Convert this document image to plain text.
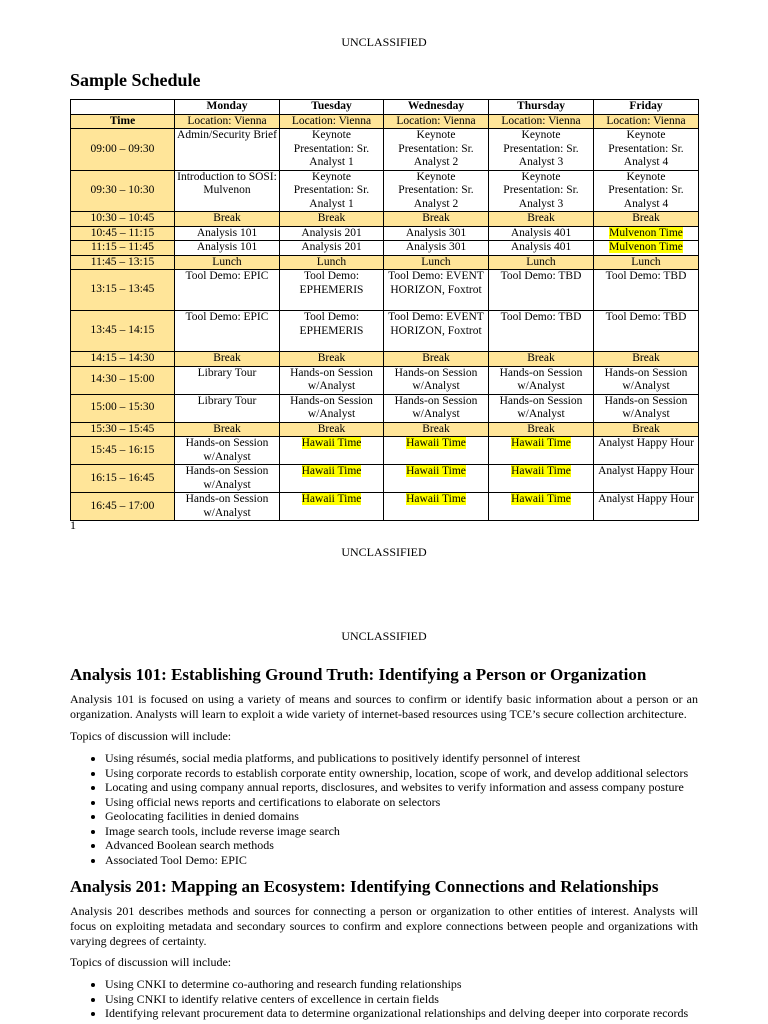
UNCLASSIFIED
Sample Schedule
	Monday	Tuesday	Wednesday	Thursday	Friday
Time	Location: Vienna	Location: Vienna	Location: Vienna	Location: Vienna	Location: Vienna
09:00 – 09:30	Admin/Security Brief	Keynote Presentation: Sr. Analyst 1	Keynote Presentation: Sr. Analyst 2	Keynote Presentation: Sr. Analyst 3	Keynote Presentation: Sr. Analyst 4
09:30 – 10:30	Introduction to SOSI: Mulvenon	Keynote Presentation: Sr. Analyst 1	Keynote Presentation: Sr. Analyst 2	Keynote Presentation: Sr. Analyst 3	Keynote Presentation: Sr. Analyst 4
10:30 – 10:45	Break	Break	Break	Break	Break
10:45 – 11:15	Analysis 101	Analysis 201	Analysis 301	Analysis 401	Mulvenon Time
11:15 – 11:45	Analysis 101	Analysis 201	Analysis 301	Analysis 401	Mulvenon Time
11:45 – 13:15	Lunch	Lunch	Lunch	Lunch	Lunch
13:15 – 13:45	Tool Demo: EPIC	Tool Demo: EPHEMERIS	Tool Demo: EVENT HORIZON, Foxtrot	Tool Demo: TBD	Tool Demo: TBD
13:45 – 14:15	Tool Demo: EPIC	Tool Demo: EPHEMERIS	Tool Demo: EVENT HORIZON, Foxtrot	Tool Demo: TBD	Tool Demo: TBD
14:15 – 14:30	Break	Break	Break	Break	Break
14:30 – 15:00	Library Tour	Hands-on Session w/Analyst	Hands-on Session w/Analyst	Hands-on Session w/Analyst	Hands-on Session w/Analyst
15:00 – 15:30	Library Tour	Hands-on Session w/Analyst	Hands-on Session w/Analyst	Hands-on Session w/Analyst	Hands-on Session w/Analyst
15:30 – 15:45	Break	Break	Break	Break	Break
15:45 – 16:15	Hands-on Session w/Analyst	Hawaii Time	Hawaii Time	Hawaii Time	Analyst Happy Hour
16:15 – 16:45	Hands-on Session w/Analyst	Hawaii Time	Hawaii Time	Hawaii Time	Analyst Happy Hour
16:45 – 17:00	Hands-on Session w/Analyst	Hawaii Time	Hawaii Time	Hawaii Time	Analyst Happy Hour
1
UNCLASSIFIED
UNCLASSIFIED
Analysis 101: Establishing Ground Truth: Identifying a Person or Organization

Analysis 101 is focused on using a variety of means and sources to confirm or identify basic information about a person or an organization. Analysts will learn to exploit a wide variety of internet-based resources using TCE’s secure collection architecture.

Topics of discussion will include:

• Using résumés, social media platforms, and publications to positively identify personnel of interest
• Using corporate records to establish corporate entity ownership, location, scope of work, and develop additional selectors
• Locating and using company annual reports, disclosures, and websites to verify information and assess company posture
• Using official news reports and certifications to elaborate on selectors
• Geolocating facilities in denied domains
• Image search tools, include reverse image search
• Advanced Boolean search methods
• Associated Tool Demo: EPIC
Analysis 201: Mapping an Ecosystem: Identifying Connections and Relationships

Analysis 201 describes methods and sources for connecting a person or organization to other entities of interest. Analysts will focus on exploiting metadata and secondary sources to confirm and explore connections between people and organizations with varying degrees of certainty.

Topics of discussion will include:

• Using CNKI to determine co-authoring and research funding relationships
• Using CNKI to identify relative centers of excellence in certain fields
• Identifying relevant procurement data to determine organizational relationships and delving deeper into corporate records
